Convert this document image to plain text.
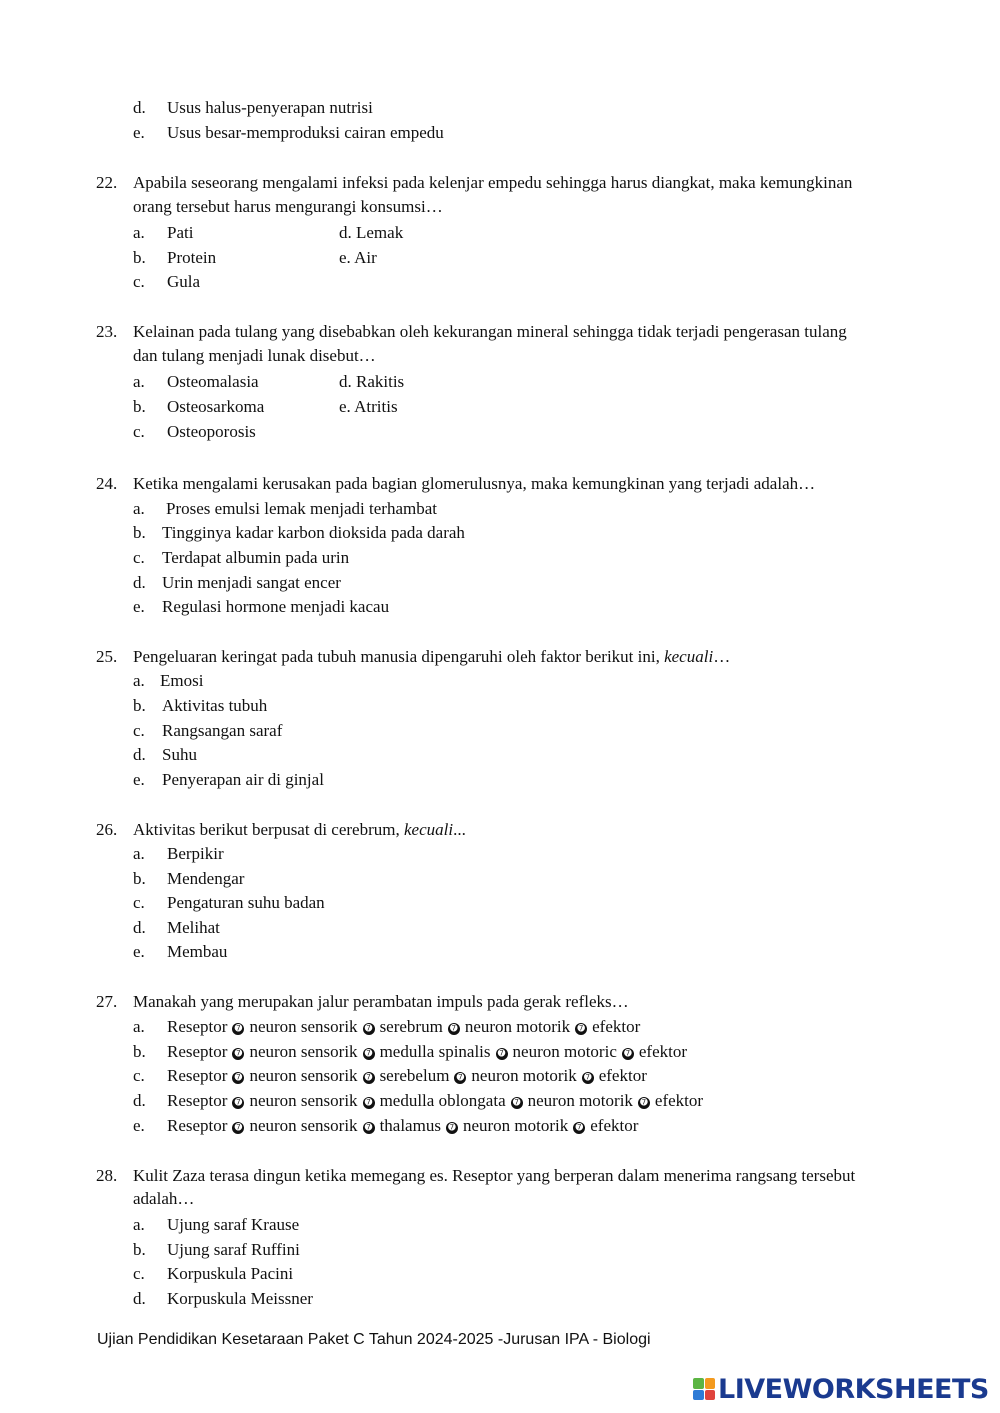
d. Usus halus-penyerapan nutrisi
e. Usus besar-memproduksi cairan empedu
22. Apabila seseorang mengalami infeksi pada kelenjar empedu sehingga harus diangkat, maka kemungkinan
orang tersebut harus mengurangi konsumsi…
a. Pati	d. Lemak
b. Protein	e. Air
c. Gula
23. Kelainan pada tulang yang disebabkan oleh kekurangan mineral sehingga tidak terjadi pengerasan tulang
dan tulang menjadi lunak disebut…
a. Osteomalasia	d. Rakitis
b. Osteosarkoma	e. Atritis
c. Osteoporosis
24. Ketika mengalami kerusakan pada bagian glomerulusnya, maka kemungkinan yang terjadi adalah…
a. Proses emulsi lemak menjadi terhambat
b. Tingginya kadar karbon dioksida pada darah
c. Terdapat albumin pada urin
d. Urin menjadi sangat encer
e. Regulasi hormone menjadi kacau
25. Pengeluaran keringat pada tubuh manusia dipengaruhi oleh faktor berikut ini, kecuali…
a. Emosi
b. Aktivitas tubuh
c. Rangsangan saraf
d. Suhu
e. Penyerapan air di ginjal
26. Aktivitas berikut berpusat di cerebrum, kecuali...
a. Berpikir
b. Mendengar
c. Pengaturan suhu badan
d. Melihat
e. Membau
27. Manakah yang merupakan jalur perambatan impuls pada gerak refleks…
a. Reseptor ➐ neuron sensorik ➐ serebrum ➐ neuron motorik ➐ efektor
b. Reseptor ➐ neuron sensorik ➐ medulla spinalis ➐ neuron motoric ➐ efektor
c. Reseptor ➐ neuron sensorik ➐ serebelum ➐ neuron motorik ➐ efektor
d. Reseptor ➐ neuron sensorik ➐ medulla oblongata ➐ neuron motorik ➐ efektor
e. Reseptor ➐ neuron sensorik ➐ thalamus ➐ neuron motorik ➐ efektor
28. Kulit Zaza terasa dingun ketika memegang es. Reseptor yang berperan dalam menerima rangsang tersebut
adalah…
a. Ujung saraf Krause
b. Ujung saraf Ruffini
c. Korpuskula Pacini
d. Korpuskula Meissner
Ujian Pendidikan Kesetaraan Paket C Tahun 2024-2025 -Jurusan IPA - Biologi
LIVEWORKSHEETS
